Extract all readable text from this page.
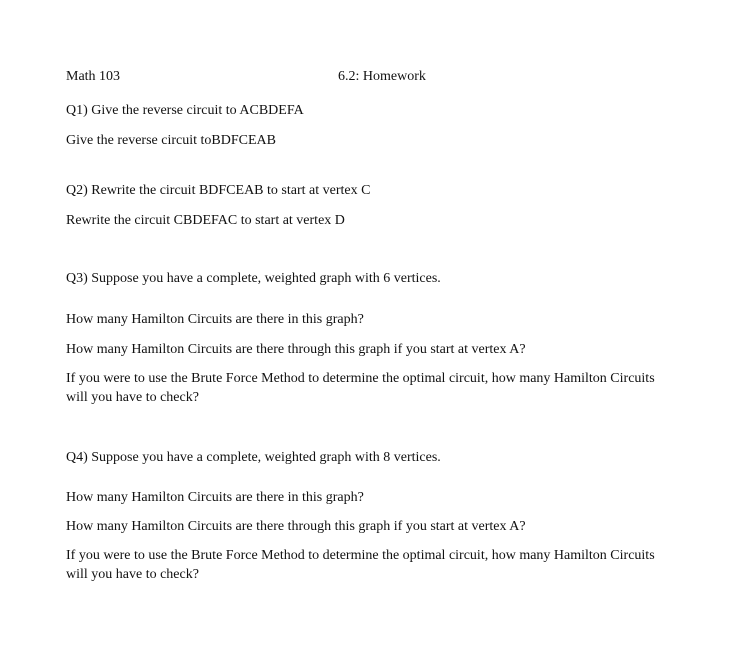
Math 103	6.2: Homework
Q1) Give the reverse circuit to ACBDEFA
Give the reverse circuit toBDFCEAB
Q2) Rewrite the circuit BDFCEAB to start at vertex C
Rewrite the circuit CBDEFAC to start at vertex D
Q3) Suppose you have a complete, weighted graph with 6 vertices.
How many Hamilton Circuits are there in this graph?
How many Hamilton Circuits are there through this graph if you start at vertex A?
If you were to use the Brute Force Method to determine the optimal circuit, how many Hamilton Circuits will you have to check?
Q4) Suppose you have a complete, weighted graph with 8 vertices.
How many Hamilton Circuits are there in this graph?
How many Hamilton Circuits are there through this graph if you start at vertex A?
If you were to use the Brute Force Method to determine the optimal circuit, how many Hamilton Circuits will you have to check?
